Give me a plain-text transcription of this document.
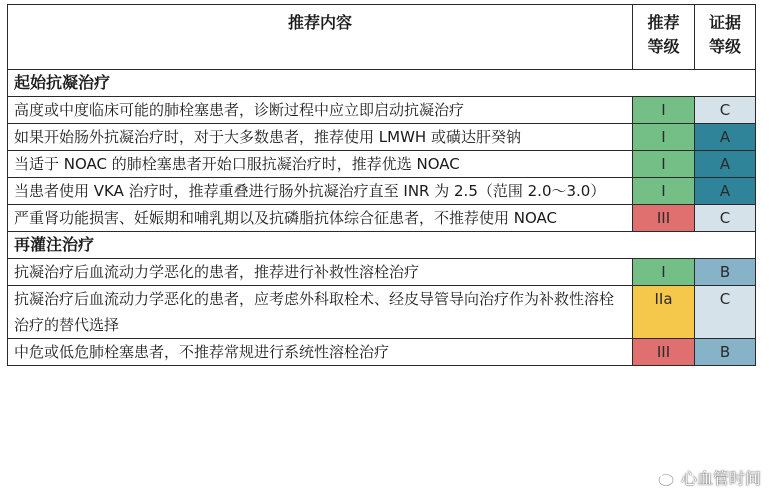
推荐内容	推荐等级	证据等级

起始抗凝治疗		
高度或中度临床可能的肺栓塞患者，诊断过程中应立即启动抗凝治疗	I	C
如果开始肠外抗凝治疗时，对于大多数患者，推荐使用 LMWH 或磺达肝癸钠	I	A
当适于 NOAC 的肺栓塞患者开始口服抗凝治疗时，推荐优选 NOAC	I	A
当患者使用 VKA 治疗时，推荐重叠进行肠外抗凝治疗直至 INR 为 2.5（范围 2.0～3.0）	I	A
严重肾功能损害、妊娠期和哺乳期以及抗磷脂抗体综合征患者，不推荐使用 NOAC	III	C
再灌注治疗		
抗凝治疗后血流动力学恶化的患者，推荐进行补救性溶栓治疗	I	B
抗凝治疗后血流动力学恶化的患者，应考虑外科取栓术、经皮导管导向治疗作为补救性溶栓治疗的替代选择	IIa	C
中危或低危肺栓塞患者，不推荐常规进行系统性溶栓治疗	III	B
心血管时间
